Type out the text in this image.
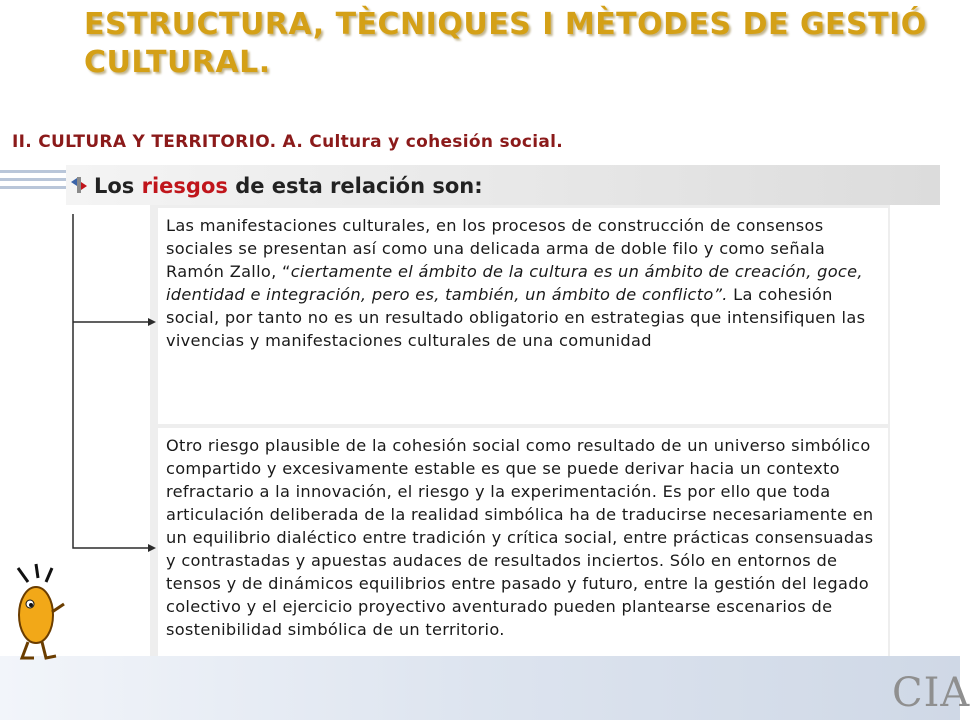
ESTRUCTURA, TÈCNIQUES I MÈTODES DE GESTIÓ CULTURAL.
II. CULTURA Y TERRITORIO. A. Cultura y cohesión social.
Los riesgos de esta relación son:
Las manifestaciones culturales, en los procesos de construcción de consensos sociales se presentan así como una delicada arma de doble filo y como señala Ramón Zallo, “ciertamente el ámbito de la cultura es un ámbito de creación, goce, identidad e integración, pero es, también, un ámbito de conflicto”. La cohesión social, por tanto no es un resultado obligatorio en estrategias que intensifiquen las vivencias y manifestaciones culturales de una comunidad
Otro riesgo plausible de la cohesión social como resultado de un universo simbólico compartido y excesivamente estable es que se puede derivar hacia un contexto refractario a la innovación, el riesgo y la experimentación. Es por ello que toda articulación deliberada de la realidad simbólica ha de traducirse necesariamente en un equilibrio dialéctico entre tradición y crítica social, entre prácticas consensuadas y contrastadas y apuestas audaces de resultados inciertos. Sólo en entornos de tensos y de dinámicos equilibrios entre pasado y futuro, entre la gestión del legado colectivo y el ejercicio proyectivo aventurado pueden plantearse escenarios de sostenibilidad simbólica de un territorio.
CIA
